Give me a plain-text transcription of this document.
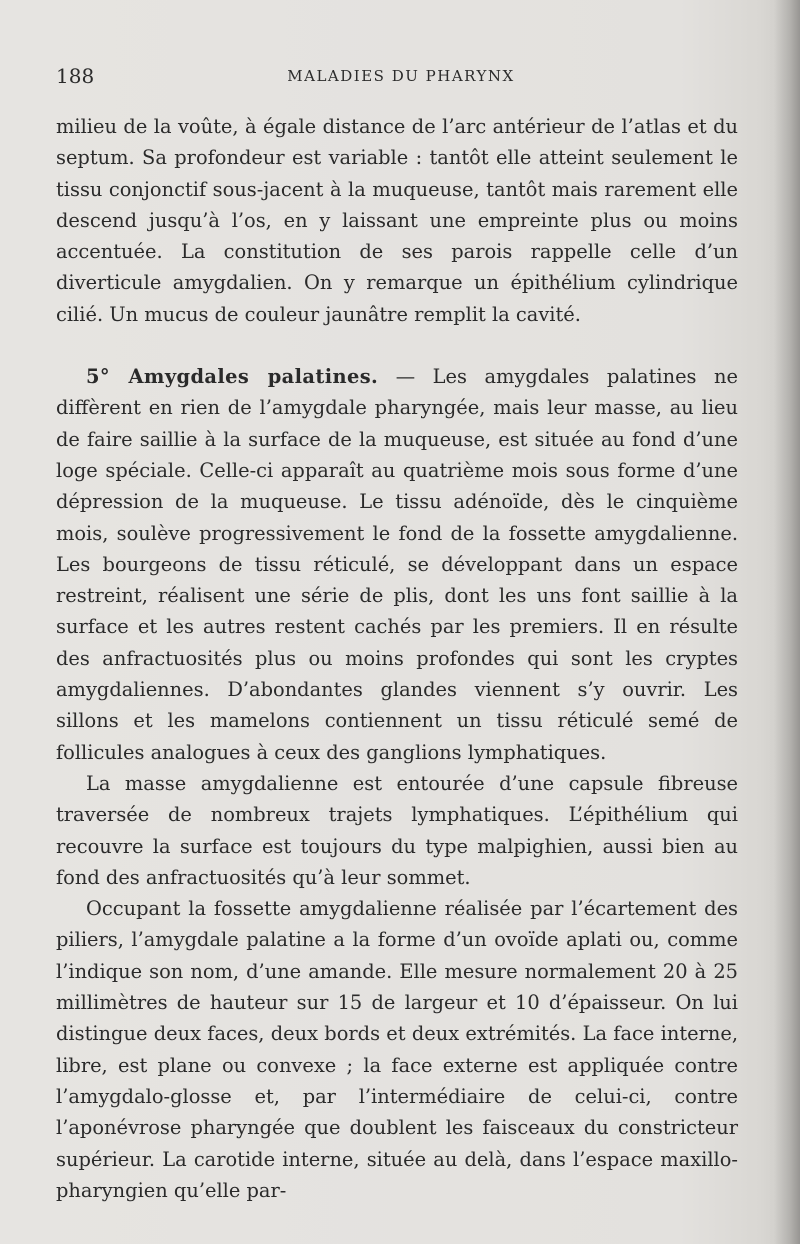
188	MALADIES DU PHARYNX

milieu de la voûte, à égale distance de l’arc antérieur de l’atlas et du septum. Sa profondeur est variable : tantôt elle atteint seulement le tissu conjonctif sous-jacent à la muqueuse, tantôt mais rarement elle descend jusqu’à l’os, en y laissant une empreinte plus ou moins accentuée. La constitution de ses parois rappelle celle d’un diverticule amygdalien. On y remarque un épithélium cylindrique cilié. Un mucus de couleur jaunâtre remplit la cavité.

5° Amygdales palatines. — Les amygdales palatines ne diffèrent en rien de l’amygdale pharyngée, mais leur masse, au lieu de faire saillie à la surface de la muqueuse, est située au fond d’une loge spéciale. Celle-ci apparaît au quatrième mois sous forme d’une dépression de la muqueuse. Le tissu adénoïde, dès le cinquième mois, soulève progressivement le fond de la fossette amygdalienne. Les bourgeons de tissu réticulé, se développant dans un espace restreint, réalisent une série de plis, dont les uns font saillie à la surface et les autres restent cachés par les premiers. Il en résulte des anfractuosités plus ou moins profondes qui sont les cryptes amygdaliennes. D’abondantes glandes viennent s’y ouvrir. Les sillons et les mamelons contiennent un tissu réticulé semé de follicules analogues à ceux des ganglions lymphatiques.

La masse amygdalienne est entourée d’une capsule fibreuse traversée de nombreux trajets lymphatiques. L’épithélium qui recouvre la surface est toujours du type malpighien, aussi bien au fond des anfractuosités qu’à leur sommet.

Occupant la fossette amygdalienne réalisée par l’écartement des piliers, l’amygdale palatine a la forme d’un ovoïde aplati ou, comme l’indique son nom, d’une amande. Elle mesure normalement 20 à 25 millimètres de hauteur sur 15 de largeur et 10 d’épaisseur. On lui distingue deux faces, deux bords et deux extrémités. La face interne, libre, est plane ou convexe ; la face externe est appliquée contre l’amygdalo-glosse et, par l’intermédiaire de celui-ci, contre l’aponévrose pharyngée que doublent les faisceaux du constricteur supérieur. La carotide interne, située au delà, dans l’espace maxillo-pharyngien qu’elle par-
